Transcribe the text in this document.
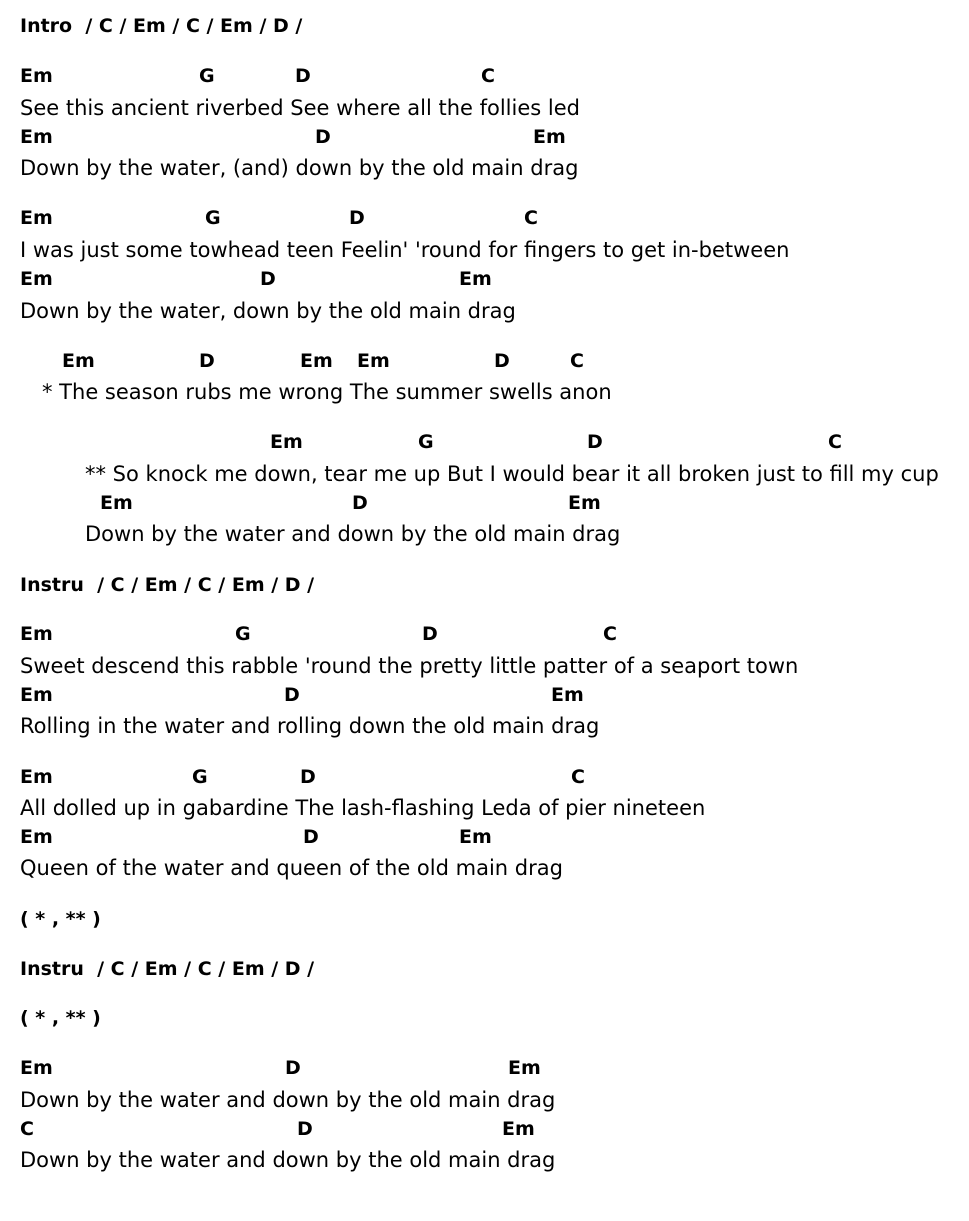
Intro  / C / Em / C / Em / D /
Em	G	D	C
See this ancient riverbed See where all the follies led
Em	D	Em
Down by the water, (and) down by the old main drag
Em	G	D	C
I was just some towhead teen Feelin' 'round for fingers to get in-between
Em	D	Em
Down by the water, down by the old main drag
Em	D	Em Em	D	C
* The season rubs me wrong The summer swells anon
Em	G	D	C
** So knock me down, tear me up But I would bear it all broken just to fill my cup
Em	D	Em
Down by the water and down by the old main drag
Instru  / C / Em / C / Em / D /
Em	G	D	C
Sweet descend this rabble 'round the pretty little patter of a seaport town
Em	D	Em
Rolling in the water and rolling down the old main drag
Em	G	D	C
All dolled up in gabardine The lash-flashing Leda of pier nineteen
Em	D	Em
Queen of the water and queen of the old main drag
( * , ** )
Instru  / C / Em / C / Em / D /
( * , ** )
Em	D	Em
Down by the water and down by the old main drag
C	D	Em
Down by the water and down by the old main drag
